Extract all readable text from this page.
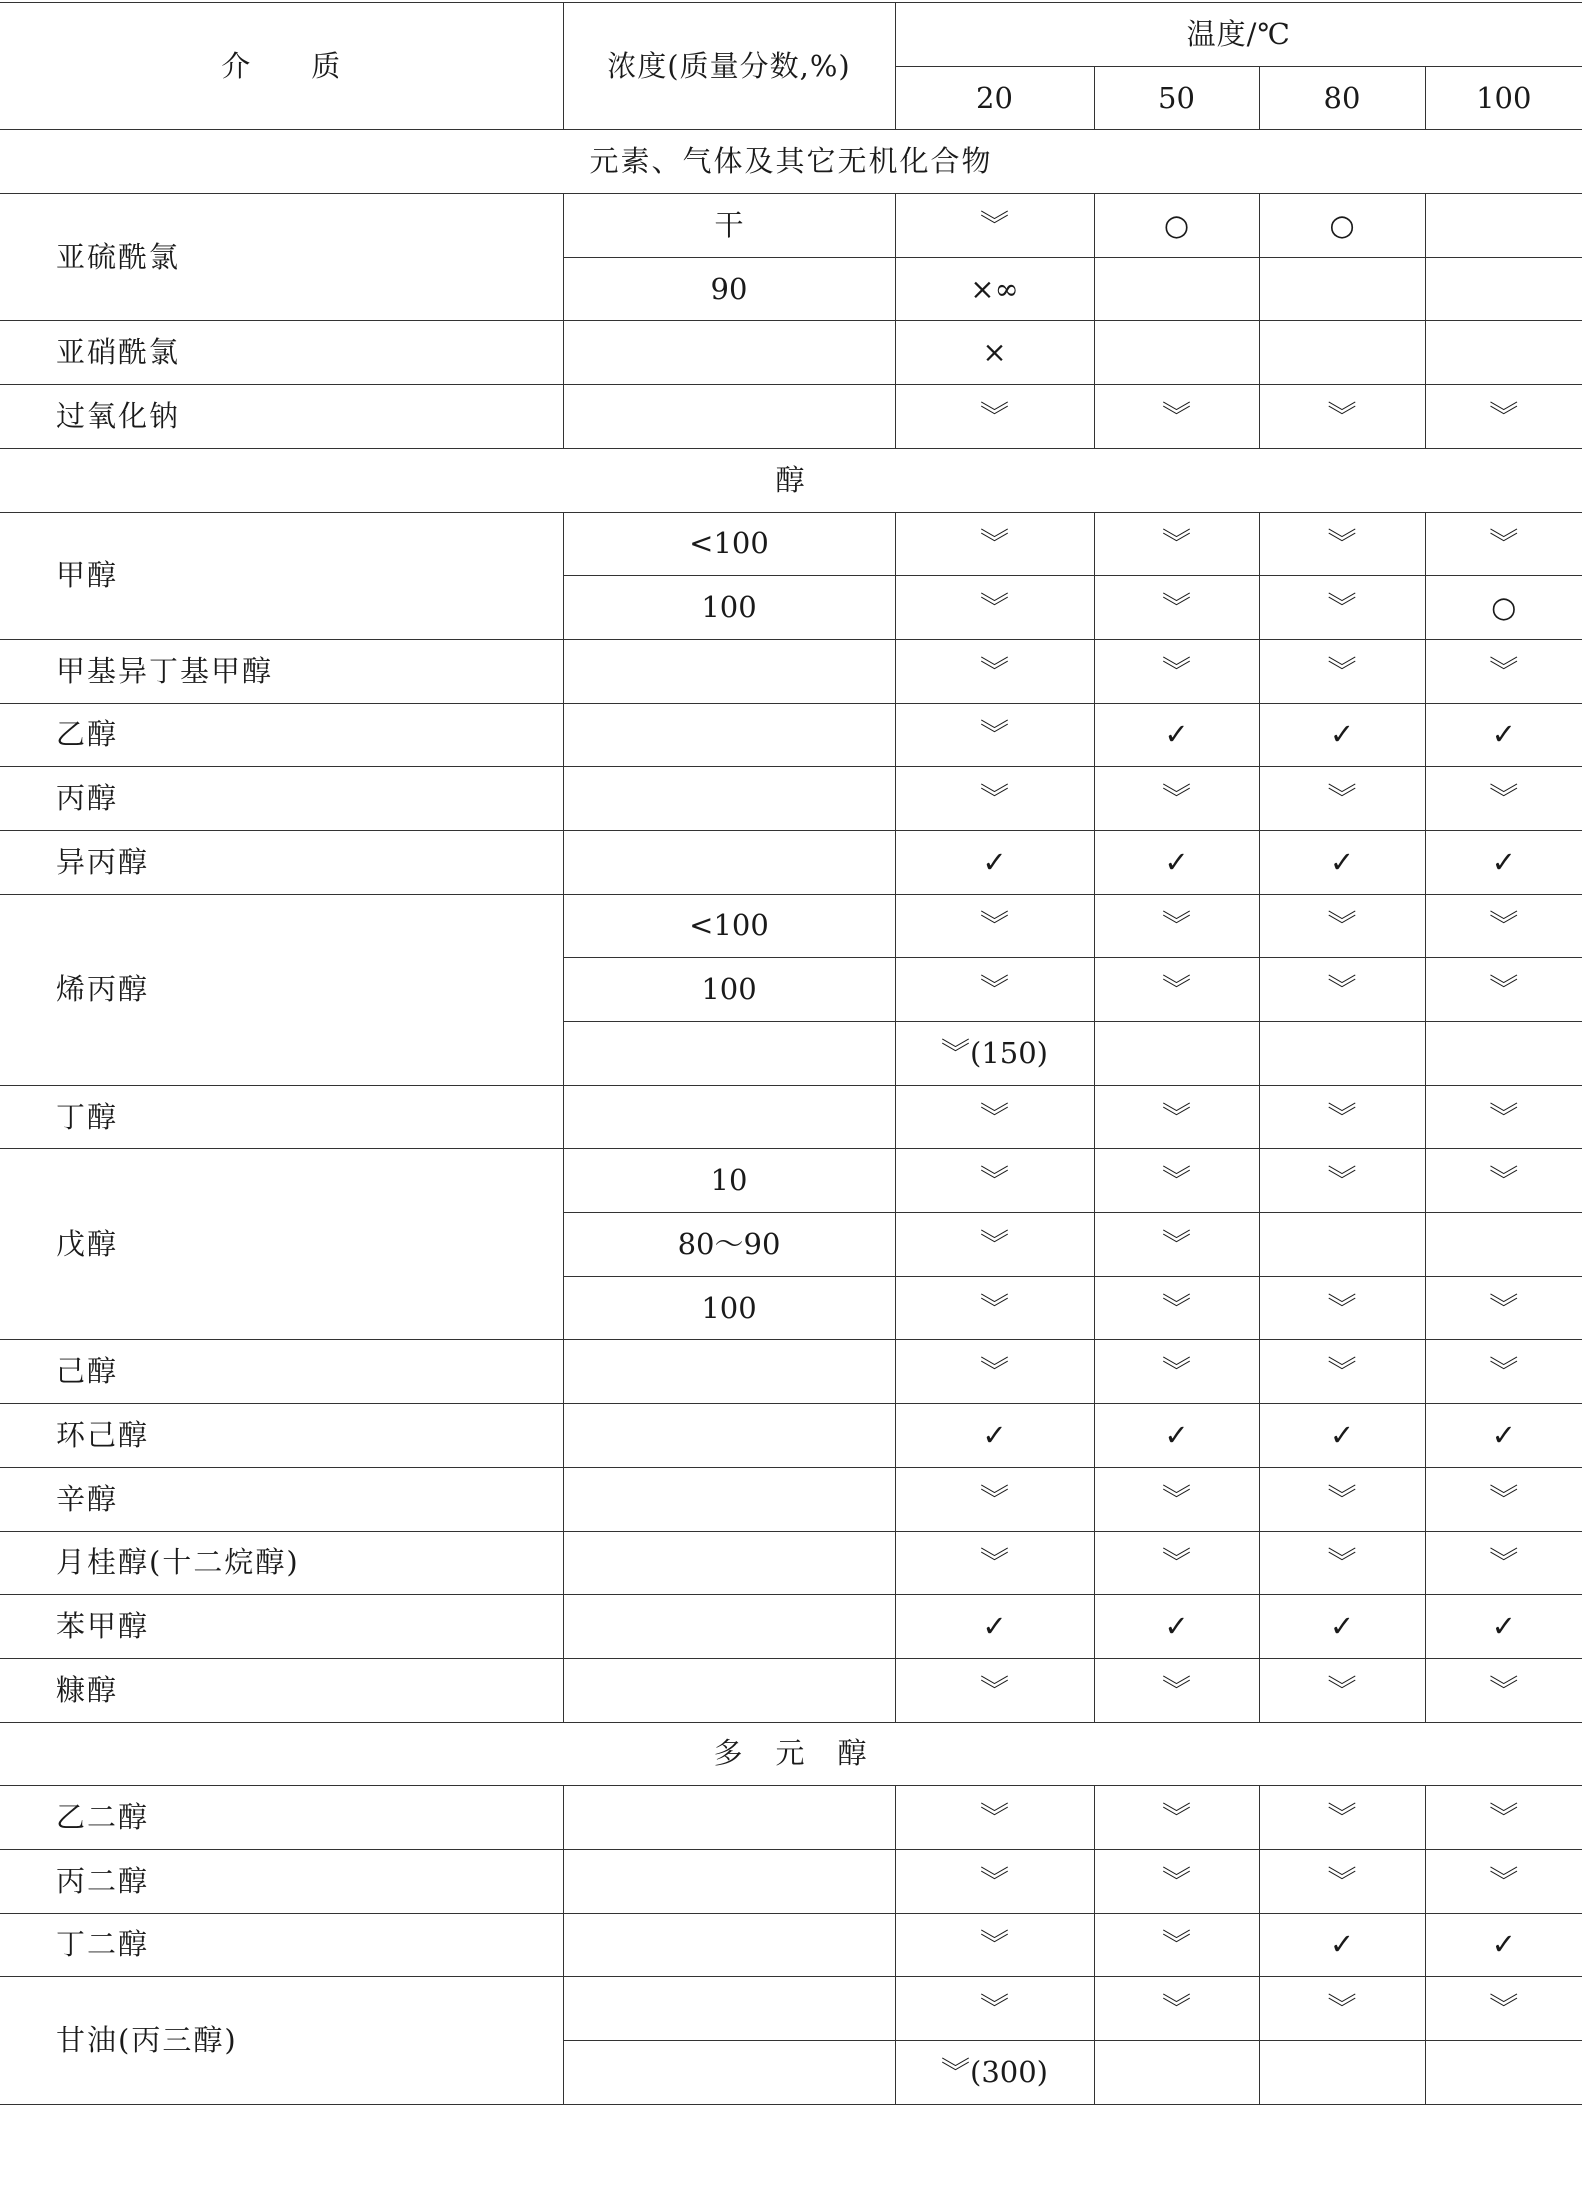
介　　质	浓度(质量分数,%)	温度/℃			
		20	50	80	100
元素、气体及其它无机化合物					
亚硫酰氯	干	︾	○	○	
	90	×∞			
亚硝酰氯		×			
过氧化钠		︾	︾	︾	︾
醇					
甲醇	<100	︾	︾	︾	︾
	100	︾	︾	︾	○
甲基异丁基甲醇		︾	︾	︾	︾
乙醇		︾	✓	✓	✓
丙醇		︾	︾	︾	︾
异丙醇		✓	✓	✓	✓
烯丙醇	<100	︾	︾	︾	︾
	100	︾	︾	︾	︾
		︾(150)			
丁醇		︾	︾	︾	︾
戊醇	10	︾	︾	︾	︾
	80～90	︾	︾		
	100	︾	︾	︾	︾
己醇		︾	︾	︾	︾
环己醇		✓	✓	✓	✓
辛醇		︾	︾	︾	︾
月桂醇(十二烷醇)		︾	︾	︾	︾
苯甲醇		✓	✓	✓	✓
糠醇		︾	︾	︾	︾
多　元　醇					
乙二醇		︾	︾	︾	︾
丙二醇		︾	︾	︾	︾
丁二醇		︾	︾	✓	✓
甘油(丙三醇)		︾	︾	︾	︾
		︾(300)			
